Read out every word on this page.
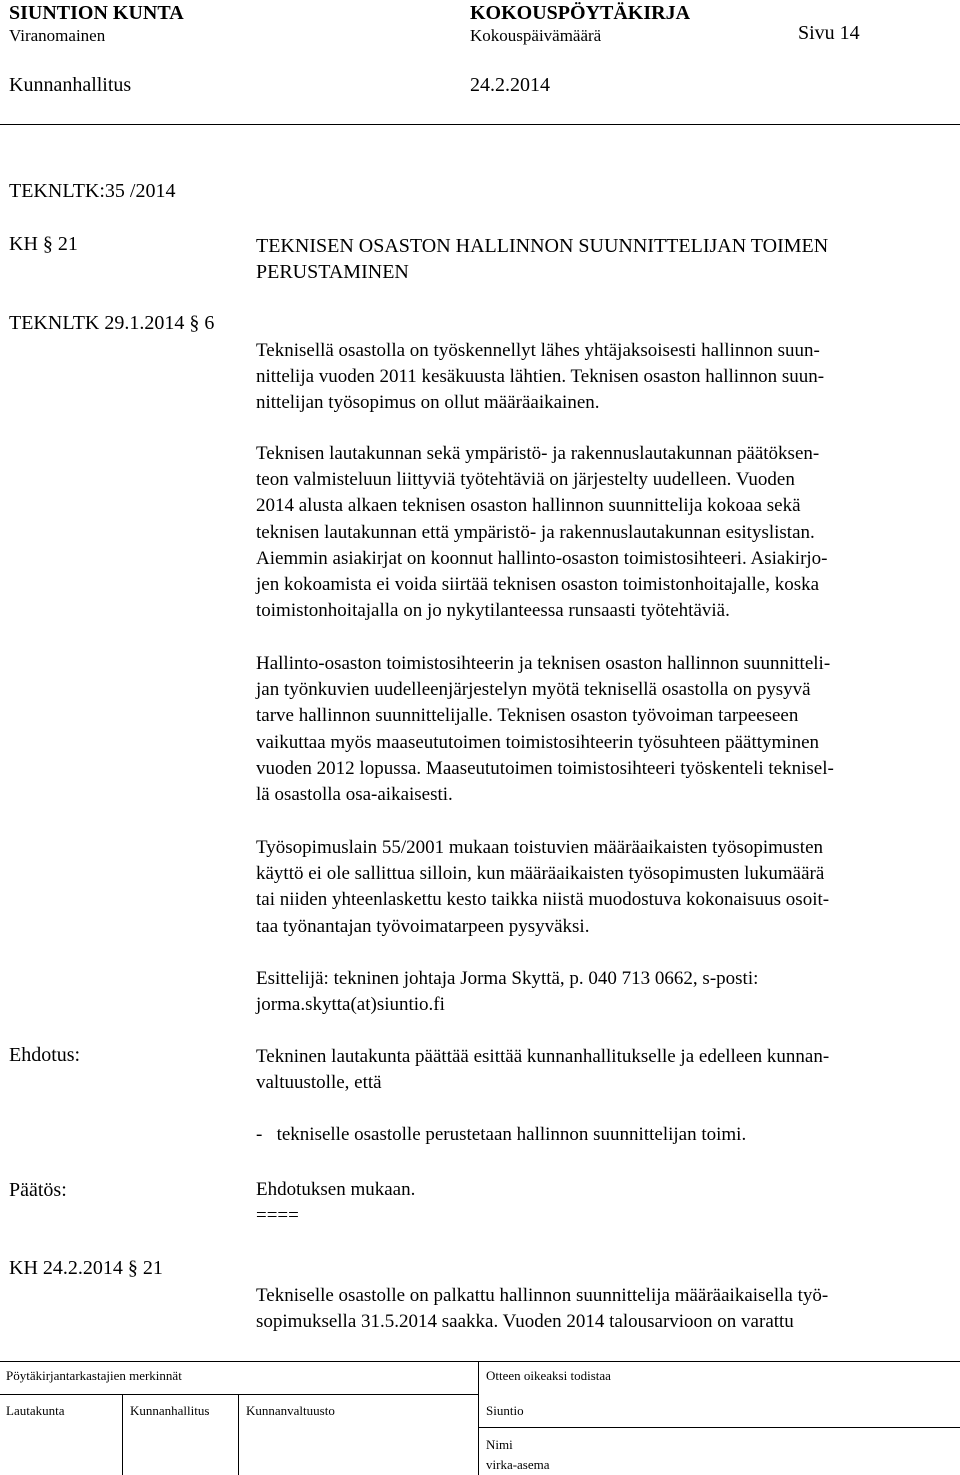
SIUNTION KUNTA	KOKOUSPÖYTÄKIRJA
Viranomainen	Kokouspäivämäärä	Sivu 14
Kunnanhallitus	24.2.2014
TEKNLTK:35 /2014
KH § 21	TEKNISEN OSASTON HALLINNON SUUNNITTELIJAN TOIMEN
PERUSTAMINEN
TEKNLTK 29.1.2014 § 6
Teknisellä osastolla on työskennellyt lähes yhtäjaksoisesti hallinnon suun-
nittelija vuoden 2011 kesäkuusta lähtien. Teknisen osaston hallinnon suun-
nittelijan työsopimus on ollut määräaikainen.
Teknisen lautakunnan sekä ympäristö- ja rakennuslautakunnan päätöksen-
teon valmisteluun liittyviä työtehtäviä on järjestelty uudelleen. Vuoden
2014 alusta alkaen teknisen osaston hallinnon suunnittelija kokoaa sekä
teknisen lautakunnan että ympäristö- ja rakennuslautakunnan esityslistan.
Aiemmin asiakirjat on koonnut hallinto-osaston toimistosihteeri. Asiakirjo-
jen kokoamista ei voida siirtää teknisen osaston toimistonhoitajalle, koska
toimistonhoitajalla on jo nykytilanteessa runsaasti työtehtäviä.
Hallinto-osaston toimistosihteerin ja teknisen osaston hallinnon suunnitteli-
jan työnkuvien uudelleenjärjestelyn myötä teknisellä osastolla on pysyvä
tarve hallinnon suunnittelijalle. Teknisen osaston työvoiman tarpeeseen
vaikuttaa myös maaseututoimen toimistosihteerin työsuhteen päättyminen
vuoden 2012 lopussa. Maaseututoimen toimistosihteeri työskenteli teknisel-
lä osastolla osa-aikaisesti.
Työsopimuslain 55/2001 mukaan toistuvien määräaikaisten työsopimusten
käyttö ei ole sallittua silloin, kun määräaikaisten työsopimusten lukumäärä
tai niiden yhteenlaskettu kesto taikka niistä muodostuva kokonaisuus osoit-
taa työnantajan työvoimatarpeen pysyväksi.
Esittelijä: tekninen johtaja Jorma Skyttä, p. 040 713 0662, s-posti:
jorma.skytta(at)siuntio.fi
Ehdotus:	Tekninen lautakunta päättää esittää kunnanhallitukselle ja edelleen kunnan-
valtuustolle, että
-   tekniselle osastolle perustetaan hallinnon suunnittelijan toimi.
Päätös:	Ehdotuksen mukaan.
====
KH 24.2.2014 § 21
Tekniselle osastolle on palkattu hallinnon suunnittelija määräaikaisella työ-
sopimuksella 31.5.2014 saakka. Vuoden 2014 talousarvioon on varattu
Pöytäkirjantarkastajien merkinnät	Otteen oikeaksi todistaa
Lautakunta	Kunnanhallitus	Kunnanvaltuusto	Siuntio
Nimi
virka-asema
